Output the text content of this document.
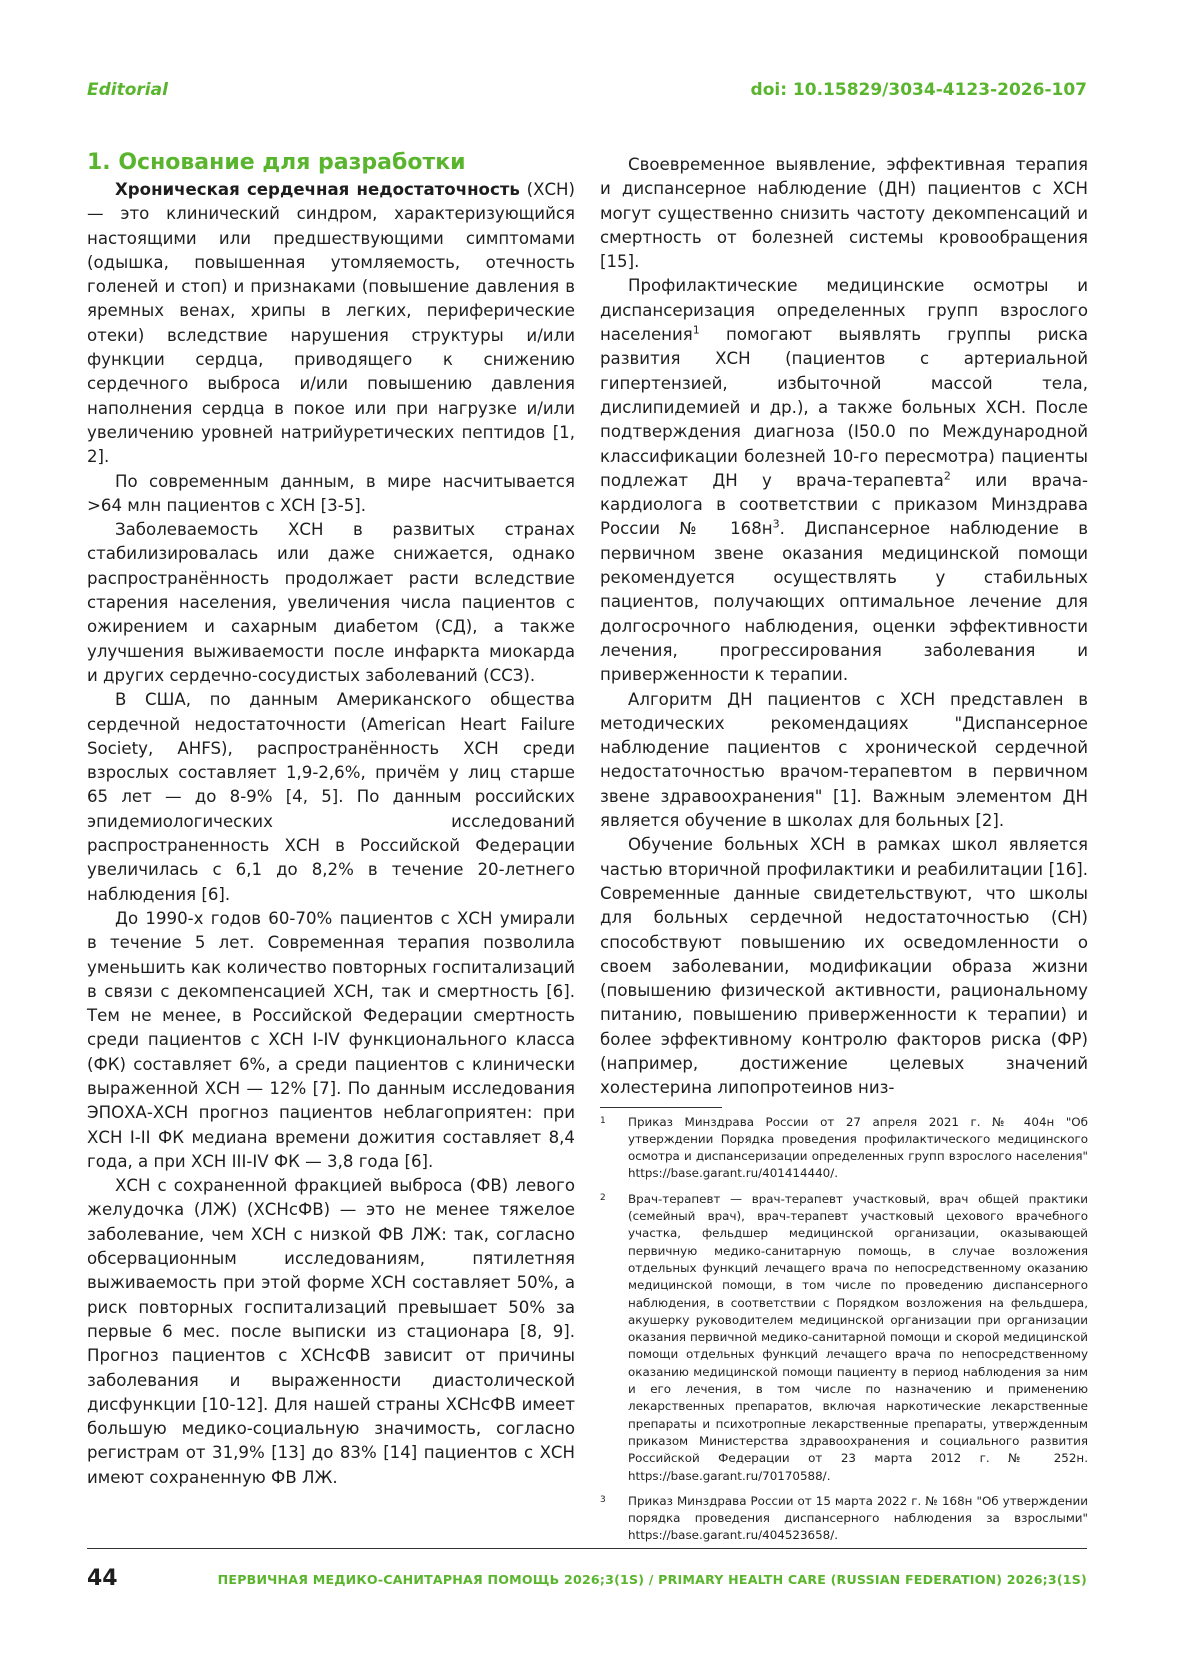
Editorial	doi: 10.15829/3034-4123-2026-107
1. Основание для разработки

Хроническая сердечная недостаточность (ХСН) — это клинический синдром, характеризующийся настоящими или предшествующими симптомами (одышка, повышенная утомляемость, отечность голеней и стоп) и признаками (повышение давления в яремных венах, хрипы в легких, периферические отеки) вследствие нарушения структуры и/или функции сердца, приводящего к снижению сердечного выброса и/или повышению давления наполнения сердца в покое или при нагрузке и/или увеличению уровней натрийуретических пептидов [1, 2].

По современным данным, в мире насчитывается >64 млн пациентов с ХСН [3-5].

Заболеваемость ХСН в развитых странах стабилизировалась или даже снижается, однако распространённость продолжает расти вследствие старения населения, увеличения числа пациентов с ожирением и сахарным диабетом (СД), а также улучшения выживаемости после инфаркта миокарда и других сердечно-сосудистых заболеваний (ССЗ).

В США, по данным Американского общества сердечной недостаточности (American Heart Failure Society, AHFS), распространённость ХСН среди взрослых составляет 1,9-2,6%, причём у лиц старше 65 лет — до 8-9% [4, 5]. По данным российских эпидемиологических исследований распространенность ХСН в Российской Федерации увеличилась с 6,1 до 8,2% в течение 20-летнего наблюдения [6].

До 1990-х годов 60-70% пациентов с ХСН умирали в течение 5 лет. Современная терапия позволила уменьшить как количество повторных госпитализаций в связи с декомпенсацией ХСН, так и смертность [6]. Тем не менее, в Российской Федерации смертность среди пациентов с ХСН I-IV функционального класса (ФК) составляет 6%, а среди пациентов с клинически выраженной ХСН — 12% [7]. По данным исследования ЭПОХА-ХСН прогноз пациентов неблагоприятен: при ХСН I-II ФК медиана времени дожития составляет 8,4 года, а при ХСН III-IV ФК — 3,8 года [6].

ХСН с сохраненной фракцией выброса (ФВ) левого желудочка (ЛЖ) (ХСНсФВ) — это не менее тяжелое заболевание, чем ХСН с низкой ФВ ЛЖ: так, согласно обсервационным исследованиям, пятилетняя выживаемость при этой форме ХСН составляет 50%, а риск повторных госпитализаций превышает 50% за первые 6 мес. после выписки из стационара [8, 9]. Прогноз пациентов с ХСНсФВ зависит от причины заболевания и выраженности диастолической дисфункции [10-12]. Для нашей страны ХСНсФВ имеет большую медико-социальную значимость, согласно регистрам от 31,9% [13] до 83% [14] пациентов с ХСН имеют сохраненную ФВ ЛЖ.

Своевременное выявление, эффективная терапия и диспансерное наблюдение (ДН) пациентов с ХСН могут существенно снизить частоту декомпенсаций и смертность от болезней системы кровообращения [15].

Профилактические медицинские осмотры и диспансеризация определенных групп взрослого населения$^1$ помогают выявлять группы риска развития ХСН (пациентов с артериальной гипертензией, избыточной массой тела, дислипидемией и др.), а также больных ХСН. После подтверждения диагноза (I50.0 по Международной классификации болезней 10-го пересмотра) пациенты подлежат ДН у врача-терапевта$^2$ или врача-кардиолога в соответствии с приказом Минздрава России № $168н^3$. Диспансерное наблюдение в первичном звене оказания медицинской помощи рекомендуется осуществлять у стабильных пациентов, получающих оптимальное лечение для долгосрочного наблюдения, оценки эффективности лечения, прогрессирования заболевания и приверженности к терапии.

Алгоритм ДН пациентов с ХСН представлен в методических рекомендациях "Диспансерное наблюдение пациентов с хронической сердечной недостаточностью врачом-терапевтом в первичном звене здравоохранения" [1]. Важным элементом ДН является обучение в школах для больных [2].

Обучение больных ХСН в рамках школ является частью вторичной профилактики и реабилитации [16]. Современные данные свидетельствуют, что школы для больных сердечной недостаточностью (СН) способствуют повышению их осведомленности о своем заболевании, модификации образа жизни (повышению физической активности, рациональному питанию, повышению приверженности к терапии) и более эффективному контролю факторов риска (ФР) (например, достижение целевых значений холестерина липопротеинов низ-

1	Приказ Минздрава России от 27 апреля 2021 г. № 404н "Об утверждении Порядка проведения профилактического медицинского осмотра и диспансеризации определенных групп взрослого населения" https://base.garant.ru/401414440/.
2	Врач-терапевт — врач-терапевт участковый, врач общей практики (семейный врач), врач-терапевт участковый цехового врачебного участка, фельдшер медицинской организации, оказывающей первичную медико-санитарную помощь, в случае возложения отдельных функций лечащего врача по непосредственному оказанию медицинской помощи, в том числе по проведению диспансерного наблюдения, в соответствии с Порядком возложения на фельдшера, акушерку руководителем медицинской организации при организации оказания первичной медико-санитарной помощи и скорой медицинской помощи отдельных функций лечащего врача по непосредственному оказанию медицинской помощи пациенту в период наблюдения за ним и его лечения, в том числе по назначению и применению лекарственных препаратов, включая наркотические лекарственные препараты и психотропные лекарственные препараты, утвержденным приказом Министерства здравоохранения и социального развития Российской Федерации от 23 марта 2012 г. № 252н. https://base.garant.ru/70170588/.
3	Приказ Минздрава России от 15 марта 2022 г. № 168н "Об утверждении порядка проведения диспансерного наблюдения за взрослыми" https://base.garant.ru/404523658/.
44	ПЕРВИЧНАЯ МЕДИКО-САНИТАРНАЯ ПОМОЩЬ 2026;3(1S) / PRIMARY HEALTH CARE (RUSSIAN FEDERATION) 2026;3(1S)
